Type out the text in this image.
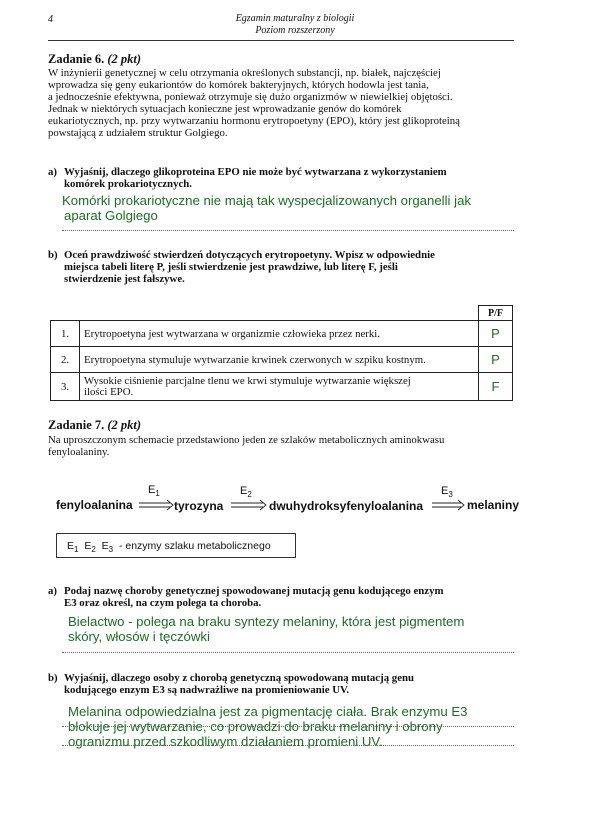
4	Egzamin maturalny z biologii
Poziom rozszerzony
Zadanie 6. (2 pkt)
W inżynierii genetycznej w celu otrzymania określonych substancji, np. białek, najczęściej
wprowadza się geny eukariontów do komórek bakteryjnych, których hodowla jest tania,
a jednocześnie efektywna, ponieważ otrzymuje się dużo organizmów w niewielkiej objętości.
Jednak w niektórych sytuacjach konieczne jest wprowadzanie genów do komórek
eukariotycznych, np. przy wytwarzaniu hormonu erytropoetyny (EPO), który jest glikoproteiną
powstającą z udziałem struktur Golgiego.
a) Wyjaśnij, dlaczego glikoproteina EPO nie może być wytwarzana z wykorzystaniem
komórek prokariotycznych.
Komórki prokariotyczne nie mają tak wyspecjalizowanych organelli jak
aparat Golgiego
b) Oceń prawdziwość stwierdzeń dotyczących erytropoetyny. Wpisz w odpowiednie
miejsca tabeli literę P, jeśli stwierdzenie jest prawdziwe, lub literę F, jeśli
stwierdzenie jest fałszywe.
		P/F
1.	Erytropoetyna jest wytwarzana w organizmie człowieka przez nerki.	P
2.	Erytropoetyna stymuluje wytwarzanie krwinek czerwonych w szpiku kostnym.	P
3.	Wysokie ciśnienie parcjalne tlenu we krwi stymuluje wytwarzanie większej
ilości EPO.	F
Zadanie 7. (2 pkt)
Na uproszczonym schemacie przedstawiono jeden ze szlaków metabolicznych aminokwasu
fenyloalaniny.
fenyloalanina	tyrozyna	dwuhydroksyfenyloalanina	melaniny
$E_1$	$E_2$	$E_3$
$E_1$ $E_2$ $E_3$ - enzymy szlaku metabolicznego
a) Podaj nazwę choroby genetycznej spowodowanej mutacją genu kodującego enzym
E3 oraz określ, na czym polega ta choroba.
Bielactwo - polega na braku syntezy melaniny, która jest pigmentem
skóry, włosów i tęczówki
b) Wyjaśnij, dlaczego osoby z chorobą genetyczną spowodowaną mutacją genu
kodującego enzym E3 są nadwrażliwe na promieniowanie UV.
Melanina odpowiedzialna jest za pigmentację ciała. Brak enzymu E3
blokuje jej wytwarzanie, co prowadzi do braku melaniny i obrony
ogranizmu przed szkodliwym działaniem promieni UV.
